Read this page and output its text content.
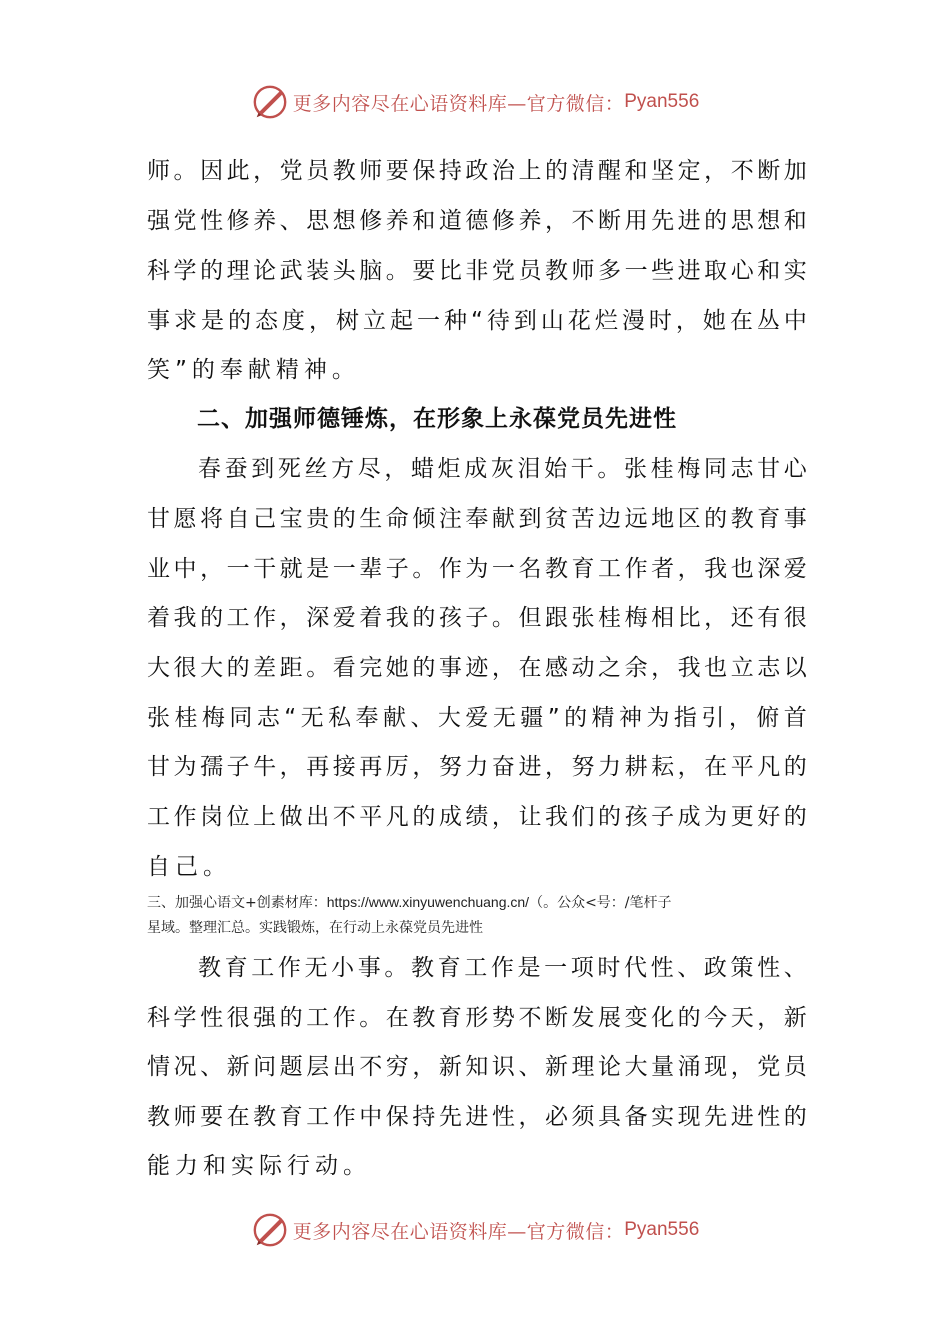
更多内容尽在心语资料库—官方微信： Pyan556
师 。 因 此 ， 党 员 教 师 要 保 持 政 治 上 的 清 醒 和 坚 定 ， 不 断 加
强 党 性 修 养 、 思 想 修 养 和 道 德 修 养 ， 不 断 用 先 进 的 思 想 和
科 学 的 理 论 武 装 头 脑 。 要 比 非 党 员 教 师 多 一 些 进 取 心 和 实
事 求 是 的 态 度 ， 树 立 起 一 种 “ 待 到 山 花 烂 漫 时 ， 她 在 丛 中
笑”的奉献精神。
二、加强师德锤炼，在形象上永葆党员先进性
春 蚕 到 死 丝 方 尽 ， 蜡 炬 成 灰 泪 始 干 。 张 桂 梅 同 志 甘 心
甘 愿 将 自 己 宝 贵 的 生 命 倾 注 奉 献 到 贫 苦 边 远 地 区 的 教 育 事
业 中 ， 一 干 就 是 一 辈 子 。 作 为 一 名 教 育 工 作 者 ， 我 也 深 爱
着 我 的 工 作 ， 深 爱 着 我 的 孩 子 。 但 跟 张 桂 梅 相 比 ， 还 有 很
大 很 大 的 差 距 。 看 完 她 的 事 迹 ， 在 感 动 之 余 ， 我 也 立 志 以
张 桂 梅 同 志 “ 无 私 奉 献 、 大 爱 无 疆 ” 的 精 神 为 指 引 ， 俯 首
甘 为 孺 子 牛 ， 再 接 再 厉 ， 努 力 奋 进 ， 努 力 耕 耘 ， 在 平 凡 的
工 作 岗 位 上 做 出 不 平 凡 的 成 绩 ， 让 我 们 的 孩 子 成 为 更 好 的
自己。
三、加强心语文+创素材库：https://www.xinyuwenchuang.cn/（。公众<号：/笔杆子
星域。整理汇总。实践锻炼，在行动上永葆党员先进性
教 育 工 作 无 小 事 。 教 育 工 作 是 一 项 时 代 性 、 政 策 性 、
科 学 性 很 强 的 工 作 。 在 教 育 形 势 不 断 发 展 变 化 的 今 天 ， 新
情 况 、 新 问 题 层 出 不 穷 ， 新 知 识 、 新 理 论 大 量 涌 现 ， 党 员
教 师 要 在 教 育 工 作 中 保 持 先 进 性 ， 必 须 具 备 实 现 先 进 性 的
能力和实际行动。
更多内容尽在心语资料库—官方微信： Pyan556
